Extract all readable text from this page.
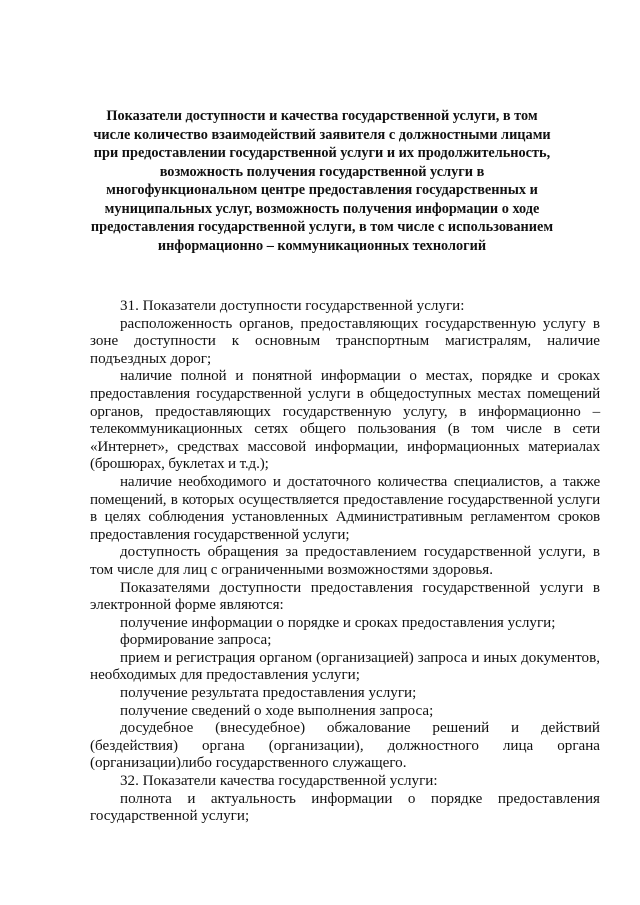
Показатели доступности и качества государственной услуги, в том
числе количество взаимодействий заявителя с должностными лицами
при предоставлении государственной услуги и их продолжительность,
возможность получения государственной услуги в
многофункциональном центре предоставления государственных и
муниципальных услуг, возможность получения информации о ходе
предоставления государственной услуги, в том числе с использованием
информационно – коммуникационных технологий

31. Показатели доступности государственной услуги:

расположенность органов, предоставляющих государственную услугу в зоне доступности к основным транспортным магистралям, наличие подъездных дорог;

наличие полной и понятной информации о местах, порядке и сроках предоставления государственной услуги в общедоступных местах помещений органов, предоставляющих государственную услугу, в информационно – телекоммуникационных сетях общего пользования (в том числе в сети «Интернет», средствах массовой информации, информационных материалах (брошюрах, буклетах и т.д.);

наличие необходимого и достаточного количества специалистов, а также помещений, в которых осуществляется предоставление государственной услуги в целях соблюдения установленных Административным регламентом сроков предоставления государственной услуги;

доступность обращения за предоставлением государственной услуги, в том числе для лиц с ограниченными возможностями здоровья.

Показателями доступности предоставления государственной услуги в электронной форме являются:

получение информации о порядке и сроках предоставления услуги;

формирование запроса;

прием и регистрация органом (организацией) запроса и иных документов, необходимых для предоставления услуги;

получение результата предоставления услуги;

получение сведений о ходе выполнения запроса;

досудебное (внесудебное) обжалование решений и действий (бездействия) органа (организации), должностного лица органа (организации)либо государственного служащего.

32. Показатели качества государственной услуги:

полнота и актуальность информации о порядке предоставления государственной услуги;
